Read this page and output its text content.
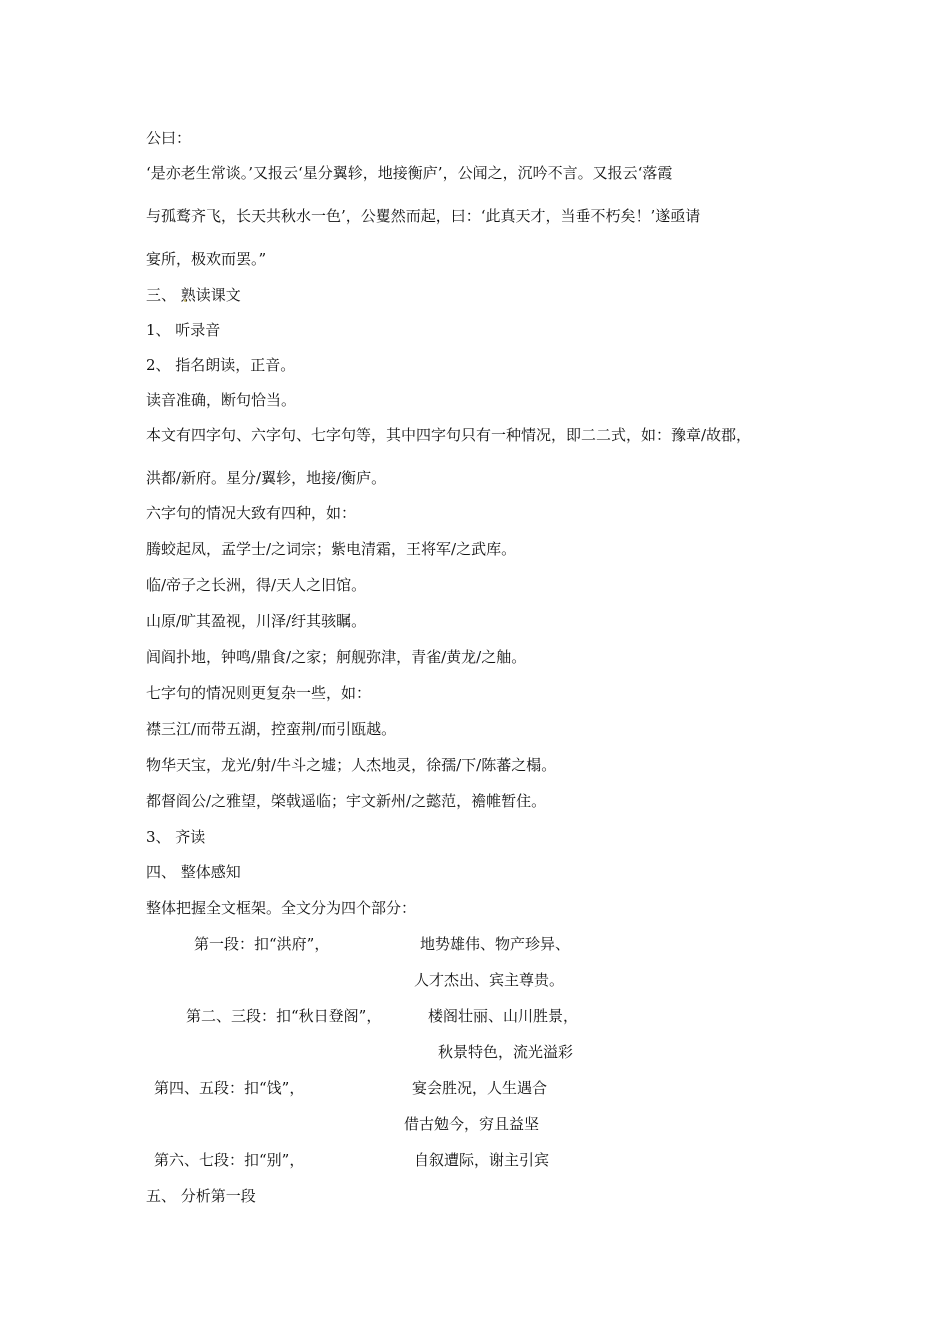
公曰：
‘是亦老生常谈。’又报云‘星分翼轸，地接衡庐’，公闻之，沉吟不言。又报云‘落霞
与孤鹜齐飞，长天共秋水一色’，公矍然而起，曰：‘此真天才，当垂不朽矣！’遂亟请
宴所，极欢而罢。”
三、 熟读课文
1、 听录音
2、 指名朗读，正音。
读音准确，断句恰当。
本文有四字句、六字句、七字句等，其中四字句只有一种情况，即二二式，如：豫章/故郡，
洪都/新府。星分/翼轸，地接/衡庐。
六字句的情况大致有四种，如：
腾蛟起凤，孟学士/之词宗；紫电清霜，王将军/之武库。
临/帝子之长洲，得/天人之旧馆。
山原/旷其盈视，川泽/纡其骇瞩。
闾阎扑地，钟鸣/鼎食/之家；舸舰弥津，青雀/黄龙/之舳。
七字句的情况则更复杂一些，如：
襟三江/而带五湖，控蛮荆/而引瓯越。
物华天宝，龙光/射/牛斗之墟；人杰地灵，徐孺/下/陈蕃之榻。
都督阎公/之雅望，棨戟遥临；宇文新州/之懿范，襜帷暂住。
3、 齐读
四、 整体感知
整体把握全文框架。全文分为四个部分：
第一段：扣“洪府”，	地势雄伟、物产珍异、
人才杰出、宾主尊贵。
第二、三段：扣“秋日登阁”，	楼阁壮丽、山川胜景，
秋景特色，流光溢彩
第四、五段：扣“饯”，	宴会胜况，人生遇合
借古勉今，穷且益坚
第六、七段：扣“别”，	自叙遭际，谢主引宾
五、 分析第一段
